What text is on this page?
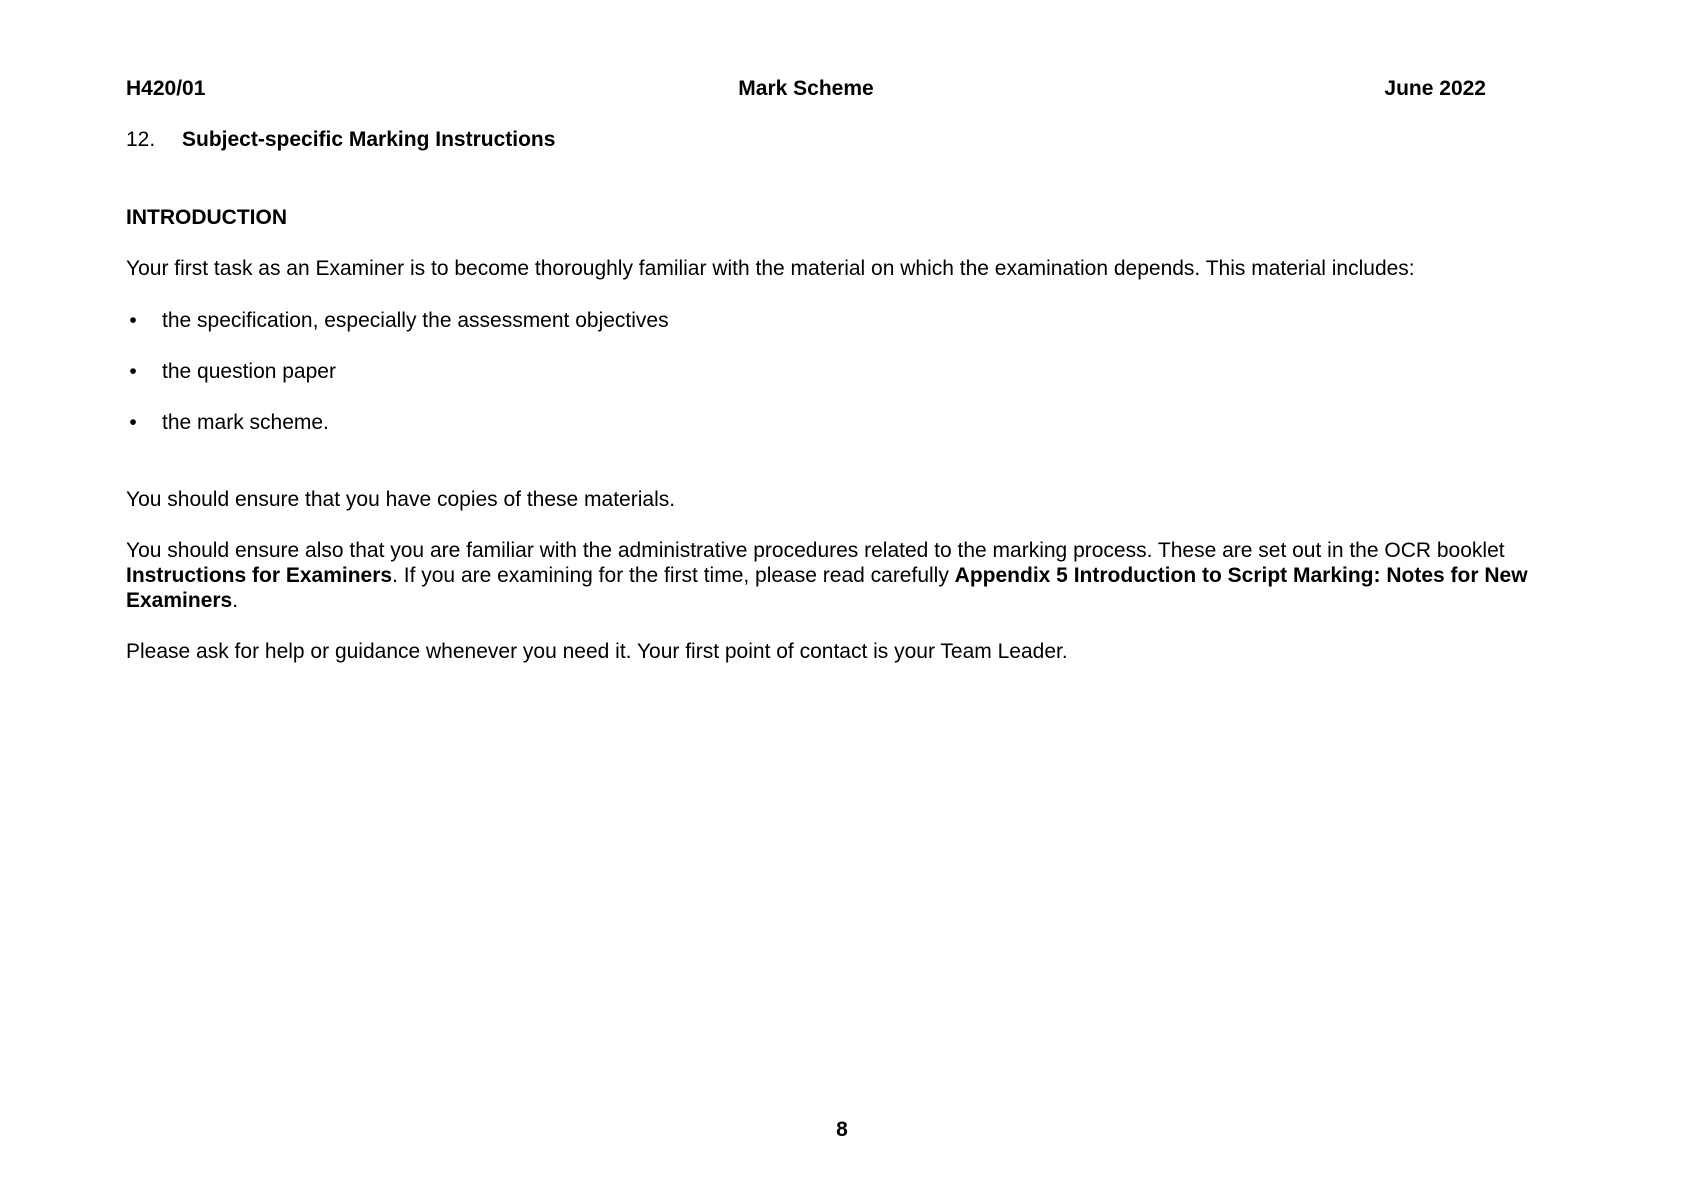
H420/01	Mark Scheme	June 2022
12. Subject-specific Marking Instructions
INTRODUCTION
Your first task as an Examiner is to become thoroughly familiar with the material on which the examination depends. This material includes:
• the specification, especially the assessment objectives
• the question paper
• the mark scheme.
You should ensure that you have copies of these materials.
You should ensure also that you are familiar with the administrative procedures related to the marking process. These are set out in the OCR booklet Instructions for Examiners. If you are examining for the first time, please read carefully Appendix 5 Introduction to Script Marking: Notes for New Examiners.
Please ask for help or guidance whenever you need it. Your first point of contact is your Team Leader.
8
